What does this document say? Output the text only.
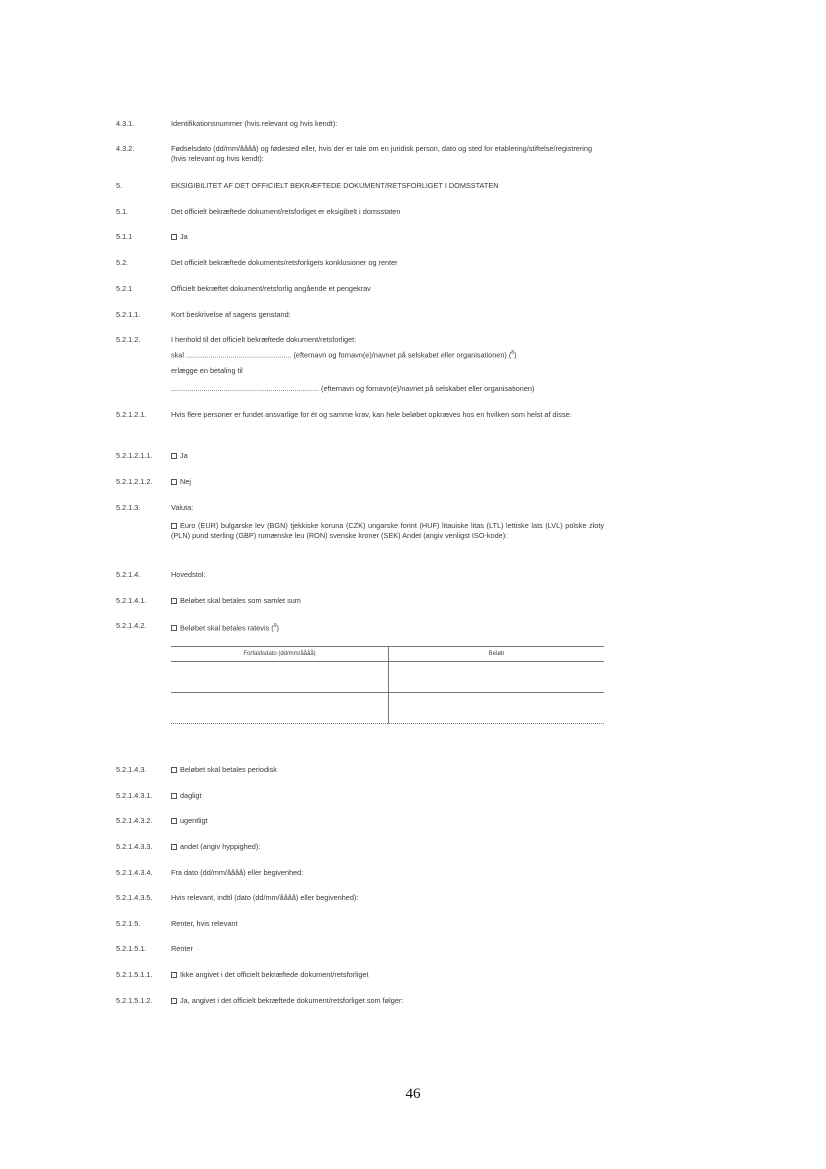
4.3.1.	Identifikationsnummer (hvis relevant og hvis kendt):
4.3.2.	Fødselsdato (dd/mm/åååå) og fødested eller, hvis der er tale om en juridisk person, dato og sted for etablering/stiftelse/registrering (hvis relevant og hvis kendt):
5.	EKSIGIBILITET AF DET OFFICIELT BEKRÆFTEDE DOKUMENT/RETSFORLIGET I DOMSSTATEN
5.1.	Det officielt bekræftede dokument/retsforliget er eksigibelt i domsstaten
5.1.1	Ja
5.2.	Det officielt bekræftede dokuments/retsforligets konklusioner og renter
5.2.1	Officielt bekræftet dokument/retsforlig angående et pengekrav
5.2.1.1.	Kort beskrivelse af sagens genstand:
5.2.1.2.	I henhold til det officielt bekræftede dokument/retsforliget:
skal .................................................... (efternavn og fornavn(e)/navnet på selskabet eller organisationen) ($^8$)
erlægge en betaling til
......................................................................... (efternavn og fornavn(e)/navnet på selskabet eller organisationen)
5.2.1.2.1.	Hvis flere personer er fundet ansvarlige for ét og samme krav, kan hele beløbet opkræves hos en hvilken som helst af disse:
5.2.1.2.1.1.	Ja
5.2.1.2.1.2.	Nej
5.2.1.3.	Valuta:
Euro (EUR) bulgarske lev (BGN) tjekkiske koruna (CZK) ungarske forint (HUF) litauiske litas (LTL) lettiske lats (LVL) polske zloty (PLN) pund sterling (GBP) rumænske leu (RON) svenske kroner (SEK) Andet (angiv venligst ISO-kode):
5.2.1.4.	Hovedstol:
5.2.1.4.1.	Beløbet skal betales som samlet sum
5.2.1.4.2.	Beløbet skal betales ratevis ($^9$)
Forfaldsdato (dd/mm/åååå)	Beløb

5.2.1.4.3.	Beløbet skal betales periodisk
5.2.1.4.3.1.	dagligt
5.2.1.4.3.2.	ugentligt
5.2.1.4.3.3.	andet (angiv hyppighed):
5.2.1.4.3.4.	Fra dato (dd/mm/åååå) eller begivenhed:
5.2.1.4.3.5.	Hvis relevant, indtil (dato (dd/mm/åååå) eller begivenhed):
5.2.1.5.	Renter, hvis relevant
5.2.1.5.1.	Renter
5.2.1.5.1.1.	Ikke angivet i det officielt bekræftede dokument/retsforliget
5.2.1.5.1.2.	Ja, angivet i det officielt bekræftede dokument/retsforliget som følger:
46
